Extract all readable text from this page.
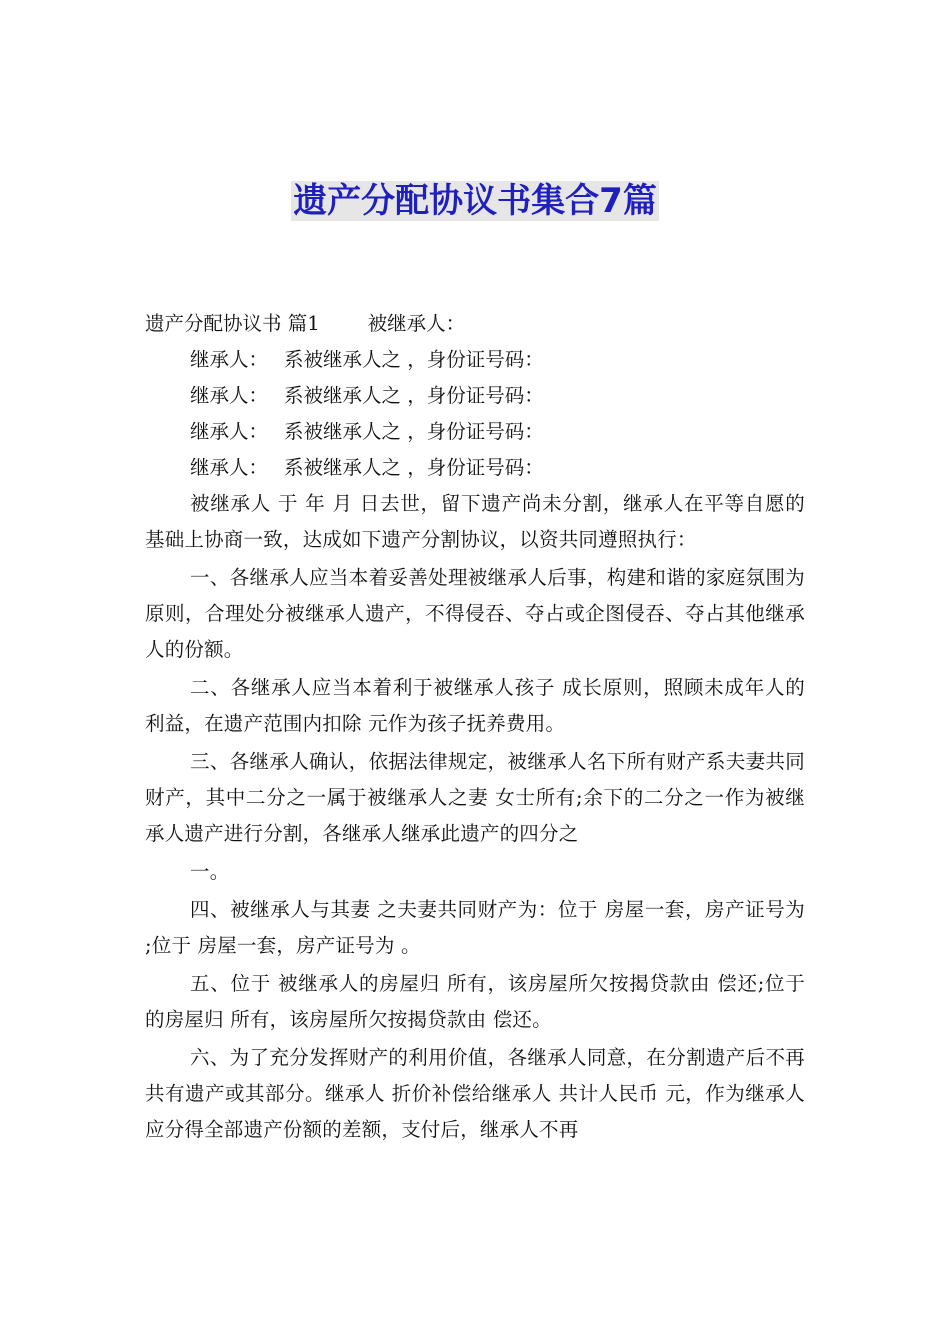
遗产分配协议书集合7篇

遗产分配协议书 篇1 被继承人：

继承人： 系被继承人之 ，身份证号码：

继承人： 系被继承人之 ，身份证号码：

继承人： 系被继承人之 ，身份证号码：

继承人： 系被继承人之 ，身份证号码：

被继承人 于 年 月 日去世，留下遗产尚未分割，继承人在平等自愿的基础上协商一致，达成如下遗产分割协议，以资共同遵照执行：

一、各继承人应当本着妥善处理被继承人后事，构建和谐的家庭氛围为原则，合理处分被继承人遗产，不得侵吞、夺占或企图侵吞、夺占其他继承人的份额。

二、各继承人应当本着利于被继承人孩子 成长原则，照顾未成年人的利益，在遗产范围内扣除 元作为孩子抚养费用。

三、各继承人确认，依据法律规定，被继承人名下所有财产系夫妻共同财产，其中二分之一属于被继承人之妻 女士所有;余下的二分之一作为被继承人遗产进行分割，各继承人继承此遗产的四分之

一。

四、被继承人与其妻 之夫妻共同财产为：位于 房屋一套，房产证号为 ;位于 房屋一套，房产证号为 。

五、位于 被继承人的房屋归 所有，该房屋所欠按揭贷款由 偿还;位于 的房屋归 所有，该房屋所欠按揭贷款由 偿还。

六、为了充分发挥财产的利用价值，各继承人同意，在分割遗产后不再共有遗产或其部分。继承人 折价补偿给继承人 共计人民币 元，作为继承人 应分得全部遗产份额的差额，支付后，继承人不再
